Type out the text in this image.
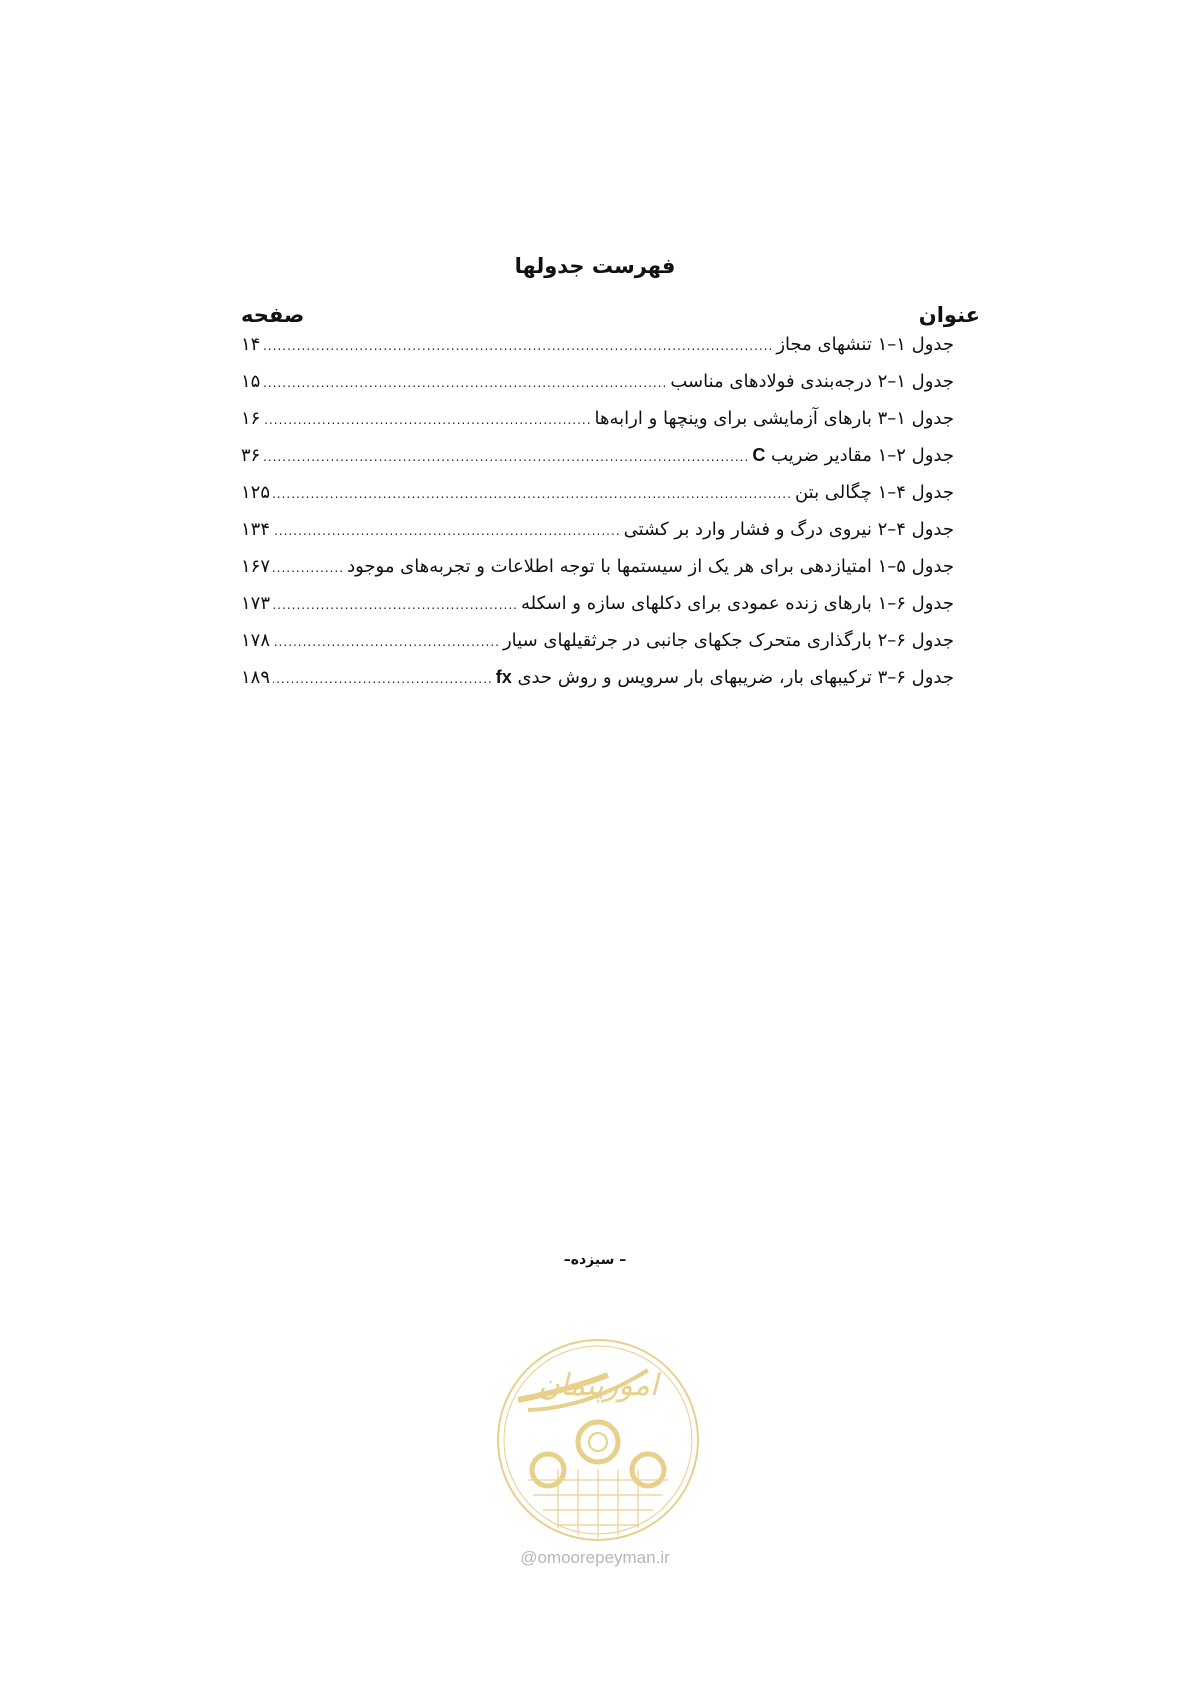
فهرست جدولها
عنوان
صفحه
جدول ۱–۱ تنشهای مجاز
.....
۱۴
جدول ۱–۲ درجه‌بندی فولادهای مناسب
.....
۱۵
جدول ۱–۳ بارهای آزمایشی برای وینچها و ارابه‌ها
.....
۱۶
جدول ۲–۱ مقادیر ضریب C
.....
۳۶
جدول ۴–۱ چگالی بتن
.....
۱۲۵
جدول ۴–۲ نیروی درگ و فشار وارد بر کشتی
.....
۱۳۴
جدول ۵–۱ امتیازدهی برای هر یک از سیستمها با توجه اطلاعات و تجربه‌های موجود
.....
۱۶۷
جدول ۶–۱ بارهای زنده عمودی برای دکلهای سازه و اسکله
.....
۱۷۳
جدول ۶–۲ بارگذاری متحرک جکهای جانبی در جرثقیلهای سیار
.....
۱۷۸
جدول ۶–۳ ترکیبهای بار، ضریبهای بار سرویس و روش حدی fx
.....
۱۸۹
– سیزده–
امورپیمان
@omoorepeyman.ir
